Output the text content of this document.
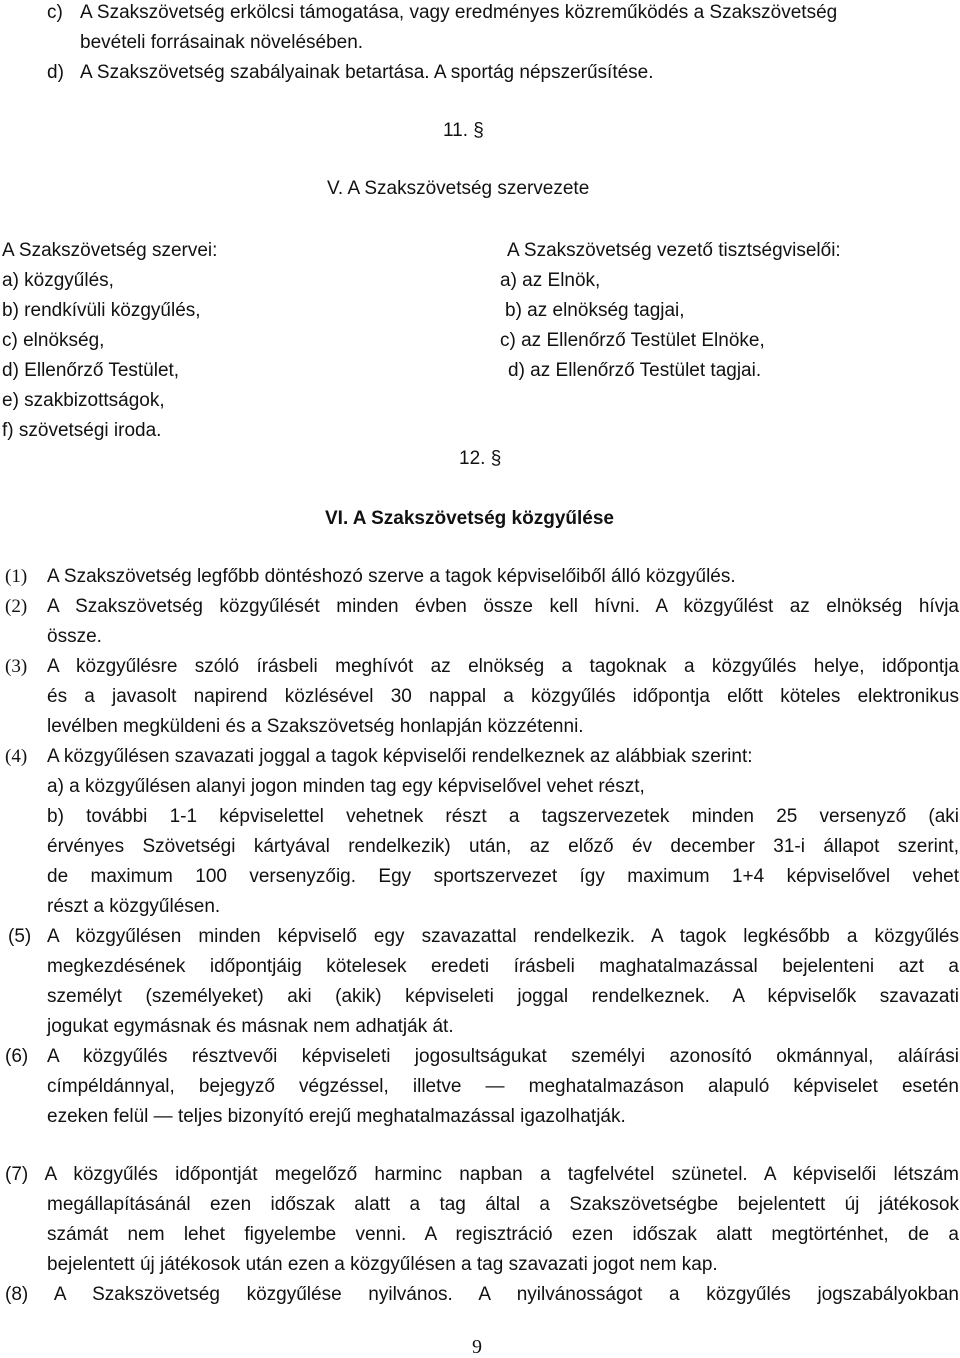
c) A Szakszövetség erkölcsi támogatása, vagy eredményes közreműködés a Szakszövetség
bevételi forrásainak növelésében.
d) A Szakszövetség szabályainak betartása. A sportág népszerűsítése.
11. §
V. A Szakszövetség szervezete
A Szakszövetség szervei:
a) közgyűlés,
b) rendkívüli közgyűlés,
c) elnökség,
d) Ellenőrző Testület,
e) szakbizottságok,
f) szövetségi iroda.
A Szakszövetség vezető tisztségviselői:
a) az Elnök,
b) az elnökség tagjai,
c) az Ellenőrző Testület Elnöke,
d) az Ellenőrző Testület tagjai.
12. §
VI. A Szakszövetség közgyűlése
(1) A Szakszövetség legfőbb döntéshozó szerve a tagok képviselőiből álló közgyűlés.
(2) A Szakszövetség közgyűlését minden évben össze kell hívni. A közgyűlést az elnökség hívja
össze.
(3) A közgyűlésre szóló írásbeli meghívót az elnökség a tagoknak a közgyűlés helye, időpontja
és a javasolt napirend közlésével 30 nappal a közgyűlés időpontja előtt köteles elektronikus
levélben megküldeni és a Szakszövetség honlapján közzétenni.
(4) A közgyűlésen szavazati joggal a tagok képviselői rendelkeznek az alábbiak szerint:
a) a közgyűlésen alanyi jogon minden tag egy képviselővel vehet részt,
b) további 1-1 képviselettel vehetnek részt a tagszervezetek minden 25 versenyző (aki
érvényes Szövetségi kártyával rendelkezik) után, az előző év december 31-i állapot szerint,
de maximum 100 versenyzőig. Egy sportszervezet így maximum 1+4 képviselővel vehet
részt a közgyűlésen.
(5) A közgyűlésen minden képviselő egy szavazattal rendelkezik. A tagok legkésőbb a közgyűlés
megkezdésének időpontjáig kötelesek eredeti írásbeli maghatalmazással bejelenteni azt a
személyt (személyeket) aki (akik) képviseleti joggal rendelkeznek. A képviselők szavazati
jogukat egymásnak és másnak nem adhatják át.
(6) A közgyűlés résztvevői képviseleti jogosultságukat személyi azonosító okmánnyal, aláírási
címpéldánnyal, bejegyző végzéssel, illetve — meghatalmazáson alapuló képviselet esetén
ezeken felül — teljes bizonyító erejű meghatalmazással igazolhatják.
(7) A közgyűlés időpontját megelőző harminc napban a tagfelvétel szünetel. A képviselői létszám
megállapításánál ezen időszak alatt a tag által a Szakszövetségbe bejelentett új játékosok
számát nem lehet figyelembe venni. A regisztráció ezen időszak alatt megtörténhet, de a
bejelentett új játékosok után ezen a közgyűlésen a tag szavazati jogot nem kap.
(8) A Szakszövetség közgyűlése nyilvános. A nyilvánosságot a közgyűlés jogszabályokban
9
